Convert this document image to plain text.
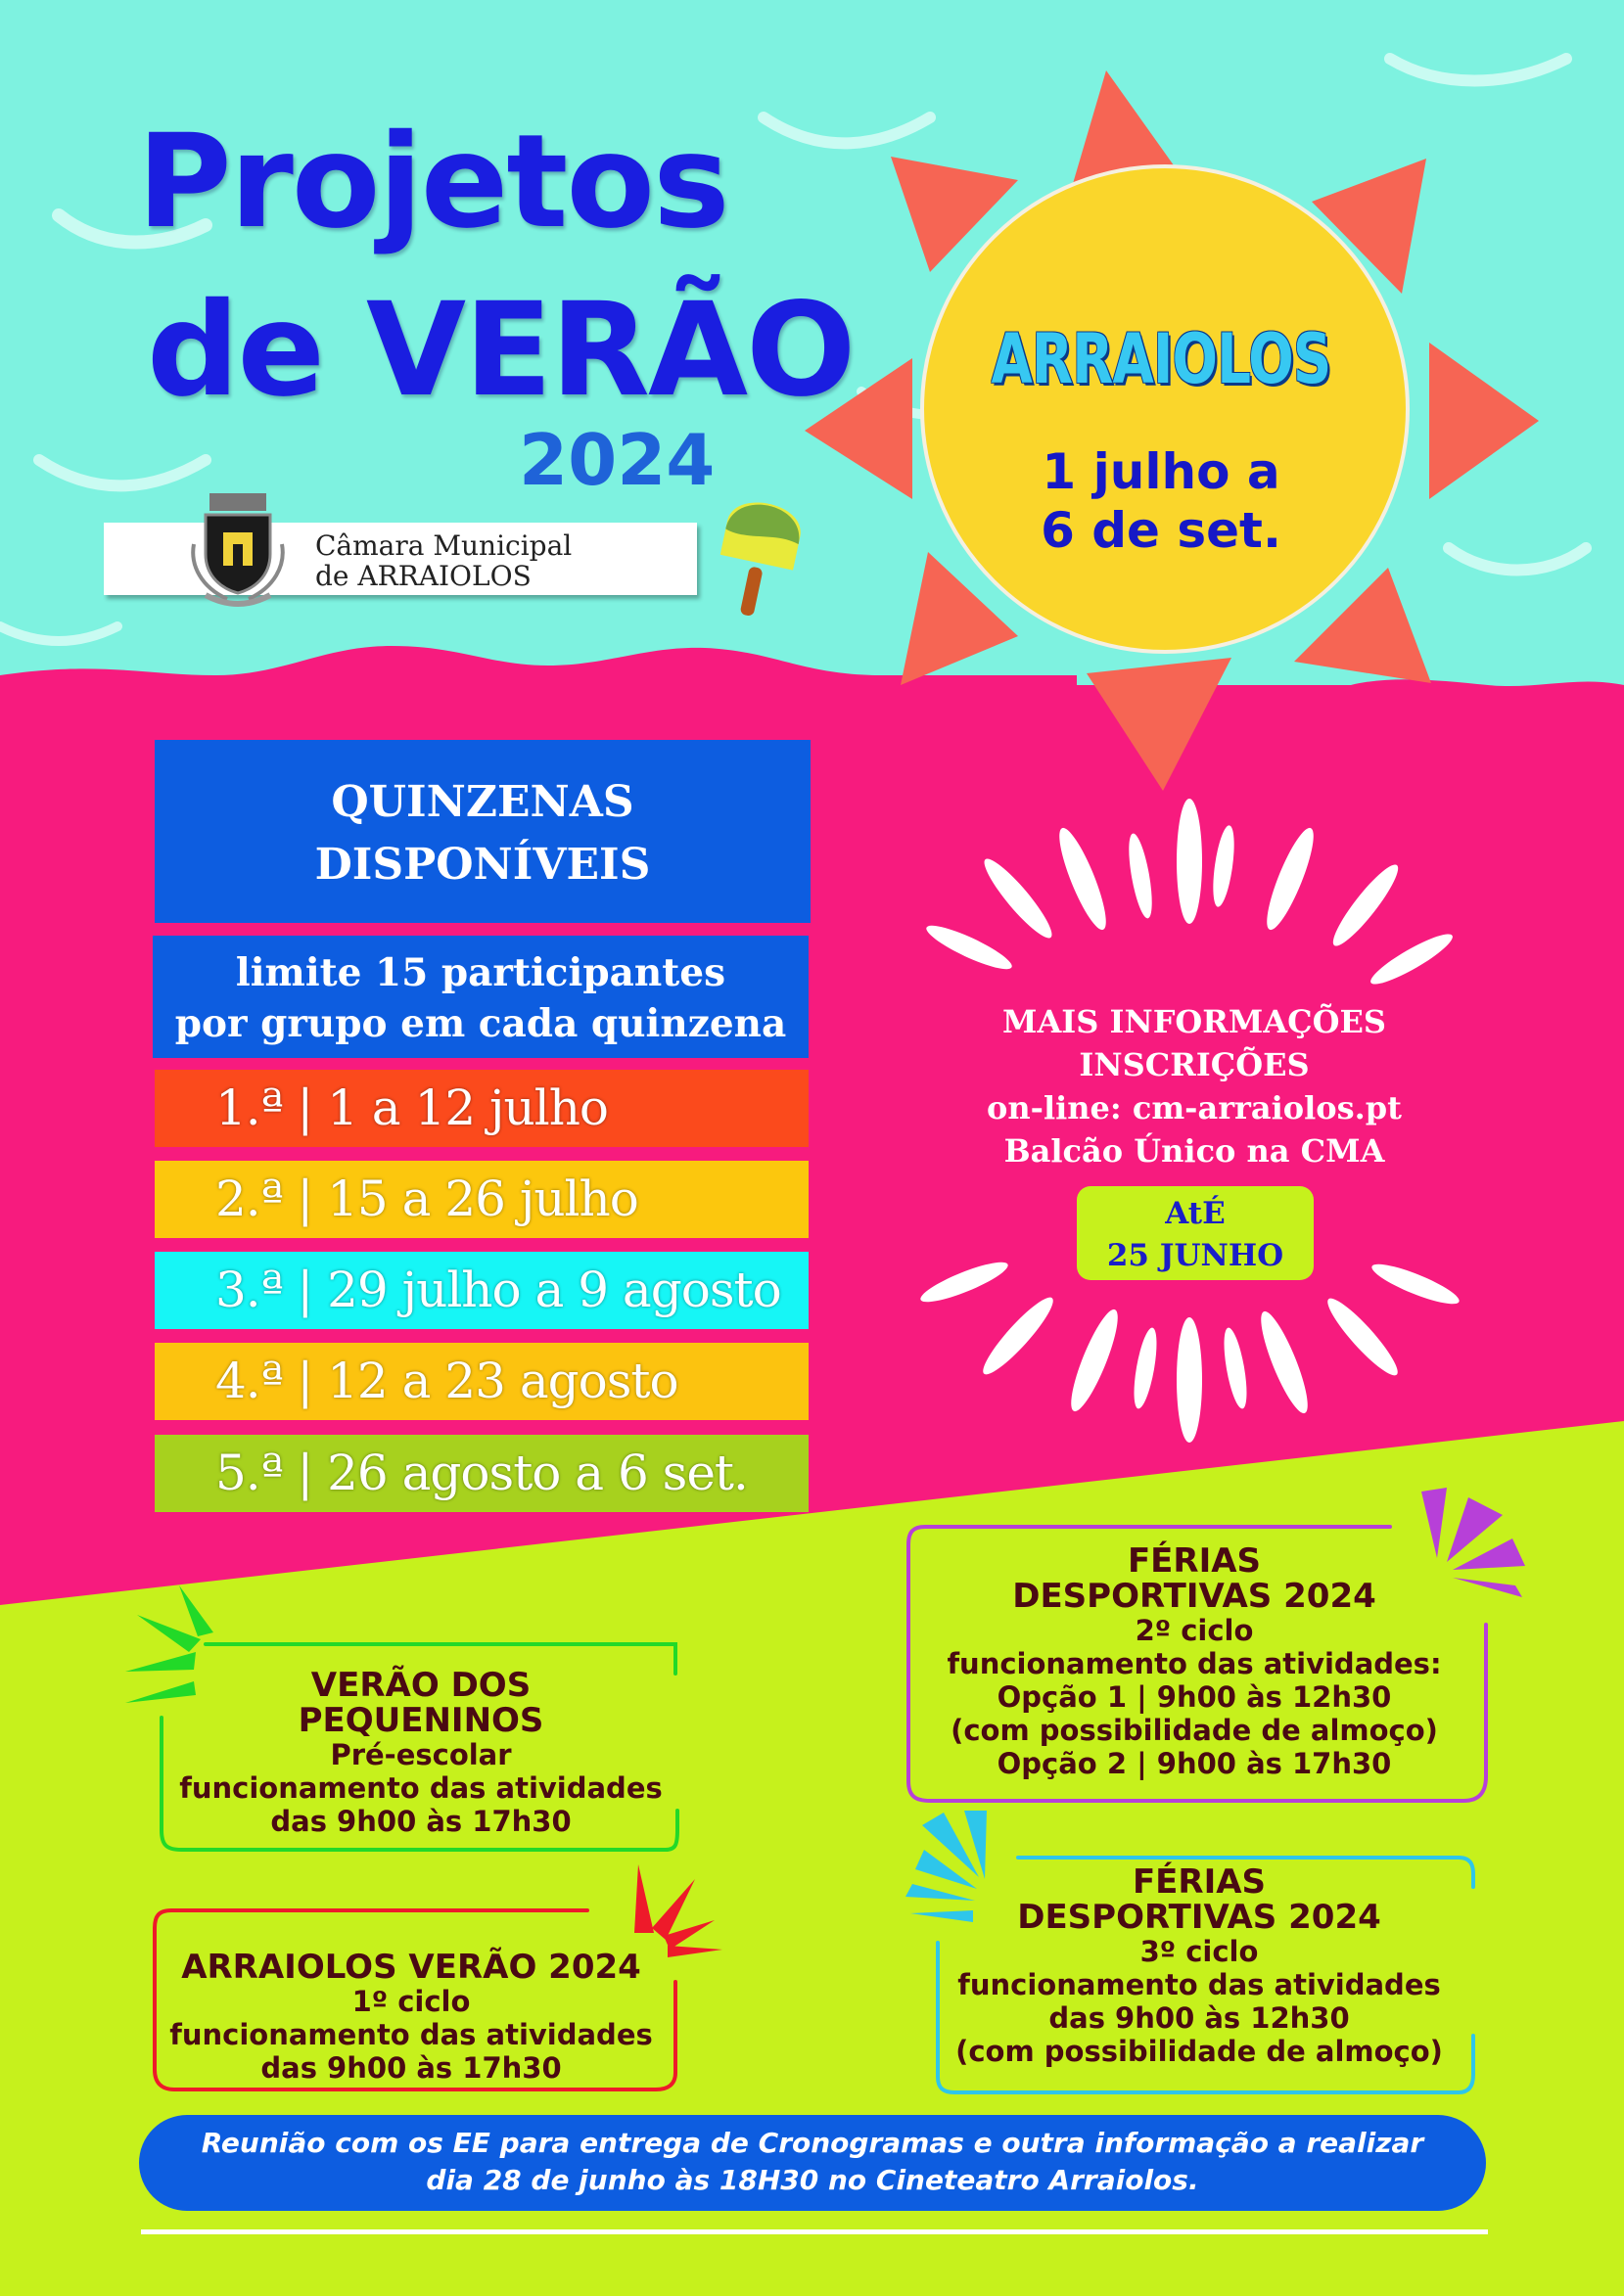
Projetos
de VERÃO
2024
Câmara Municipal
de ARRAIOLOS
ARRAIOLOS
1 julho a
6 de set.
QUINZENAS
DISPONÍVEIS
limite 15 participantes
por grupo em cada quinzena
1.ª | 1 a 12 julho
2.ª | 15 a 26 julho
3.ª | 29 julho a 9 agosto
4.ª | 12 a 23 agosto
5.ª | 26 agosto a 6 set.
MAIS INFORMAÇÕES
INSCRIÇÕES
on-line: cm-arraiolos.pt
Balcão Único na CMA
AtÉ
25 JUNHO
VERÃO DOS
PEQUENINOS
Pré-escolar
funcionamento das atividades
das 9h00 às 17h30
ARRAIOLOS VERÃO 2024
1º ciclo
funcionamento das atividades
das 9h00 às 17h30
FÉRIAS
DESPORTIVAS 2024
2º ciclo
funcionamento das atividades:
Opção 1 | 9h00 às 12h30
(com possibilidade de almoço)
Opção 2 | 9h00 às 17h30
FÉRIAS
DESPORTIVAS 2024
3º ciclo
funcionamento das atividades
das 9h00 às 12h30
(com possibilidade de almoço)
Reunião com os EE para entrega de Cronogramas e outra informação a realizar
dia 28 de junho às 18H30 no Cineteatro Arraiolos.
